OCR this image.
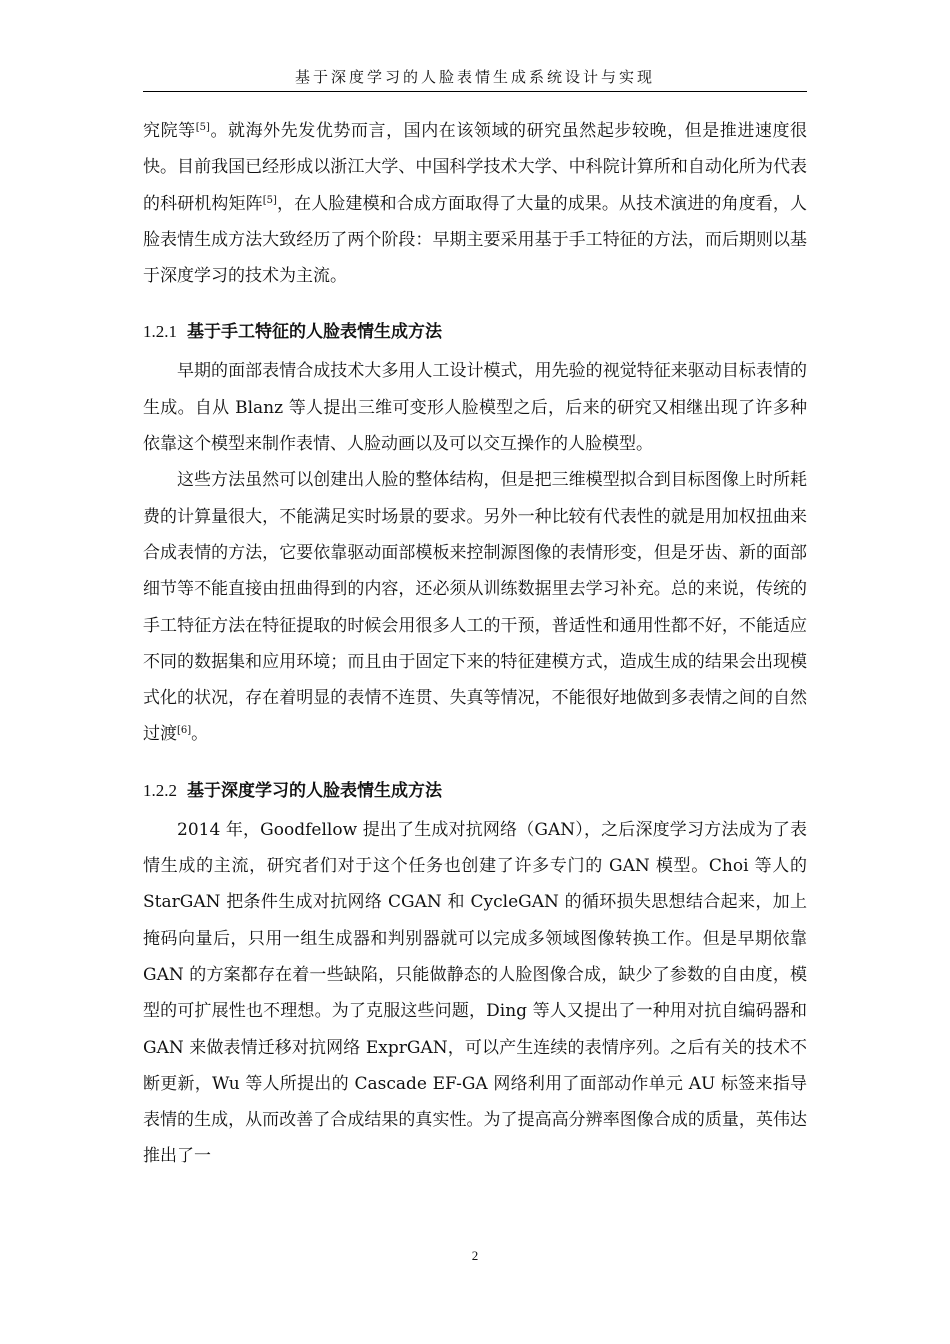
基于深度学习的人脸表情生成系统设计与实现

究院等[5]。就海外先发优势而言，国内在该领域的研究虽然起步较晚，但是推进速度很快。目前我国已经形成以浙江大学、中国科学技术大学、中科院计算所和自动化所为代表的科研机构矩阵[5]，在人脸建模和合成方面取得了大量的成果。从技术演进的角度看，人脸表情生成方法大致经历了两个阶段：早期主要采用基于手工特征的方法，而后期则以基于深度学习的技术为主流。

1.2.1 基于手工特征的人脸表情生成方法

早期的面部表情合成技术大多用人工设计模式，用先验的视觉特征来驱动目标表情的生成。自从 Blanz 等人提出三维可变形人脸模型之后，后来的研究又相继出现了许多种依靠这个模型来制作表情、人脸动画以及可以交互操作的人脸模型。

这些方法虽然可以创建出人脸的整体结构，但是把三维模型拟合到目标图像上时所耗费的计算量很大，不能满足实时场景的要求。另外一种比较有代表性的就是用加权扭曲来合成表情的方法，它要依靠驱动面部模板来控制源图像的表情形变，但是牙齿、新的面部细节等不能直接由扭曲得到的内容，还必须从训练数据里去学习补充。总的来说，传统的手工特征方法在特征提取的时候会用很多人工的干预，普适性和通用性都不好，不能适应不同的数据集和应用环境；而且由于固定下来的特征建模方式，造成生成的结果会出现模式化的状况，存在着明显的表情不连贯、失真等情况，不能很好地做到多表情之间的自然过渡[6]。

1.2.2 基于深度学习的人脸表情生成方法

2014 年，Goodfellow 提出了生成对抗网络（GAN），之后深度学习方法成为了表情生成的主流，研究者们对于这个任务也创建了许多专门的 GAN 模型。Choi 等人的 StarGAN 把条件生成对抗网络 CGAN 和 CycleGAN 的循环损失思想结合起来，加上掩码向量后，只用一组生成器和判别器就可以完成多领域图像转换工作。但是早期依靠 GAN 的方案都存在着一些缺陷，只能做静态的人脸图像合成，缺少了参数的自由度，模型的可扩展性也不理想。为了克服这些问题，Ding 等人又提出了一种用对抗自编码器和 GAN 来做表情迁移对抗网络 ExprGAN，可以产生连续的表情序列。之后有关的技术不断更新，Wu 等人所提出的 Cascade EF-GA 网络利用了面部动作单元 AU 标签来指导表情的生成，从而改善了合成结果的真实性。为了提高高分辨率图像合成的质量，英伟达推出了一

2
